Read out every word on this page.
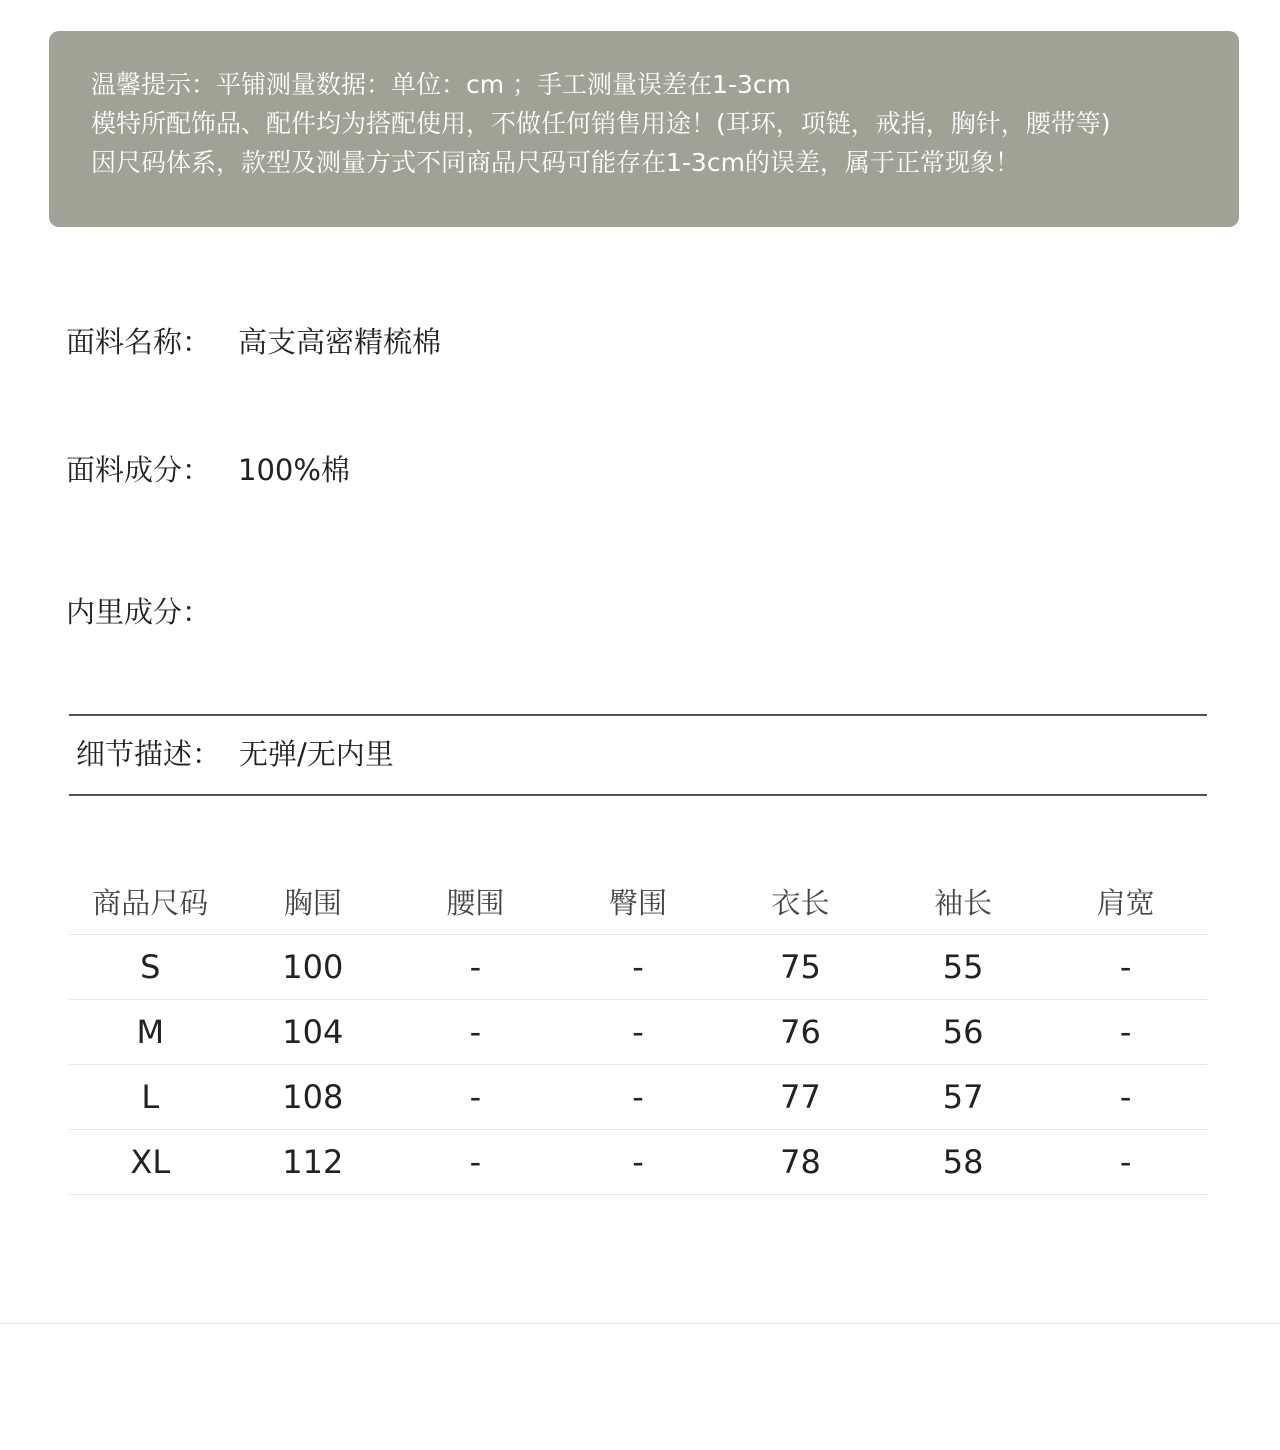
温馨提示：平铺测量数据：单位：cm ；手工测量误差在1-3cm
模特所配饰品、配件均为搭配使用，不做任何销售用途！(耳环，项链，戒指，胸针，腰带等)
因尺码体系，款型及测量方式不同商品尺码可能存在1-3cm的误差，属于正常现象！
面料名称： 高支高密精梳棉
面料成分： 100%棉
内里成分：
细节描述： 无弹/无内里
商品尺码	胸围	腰围	臀围	衣长	袖长	肩宽
S	100	-	-	75	55	-
M	104	-	-	76	56	-
L	108	-	-	77	57	-
XL	112	-	-	78	58	-
